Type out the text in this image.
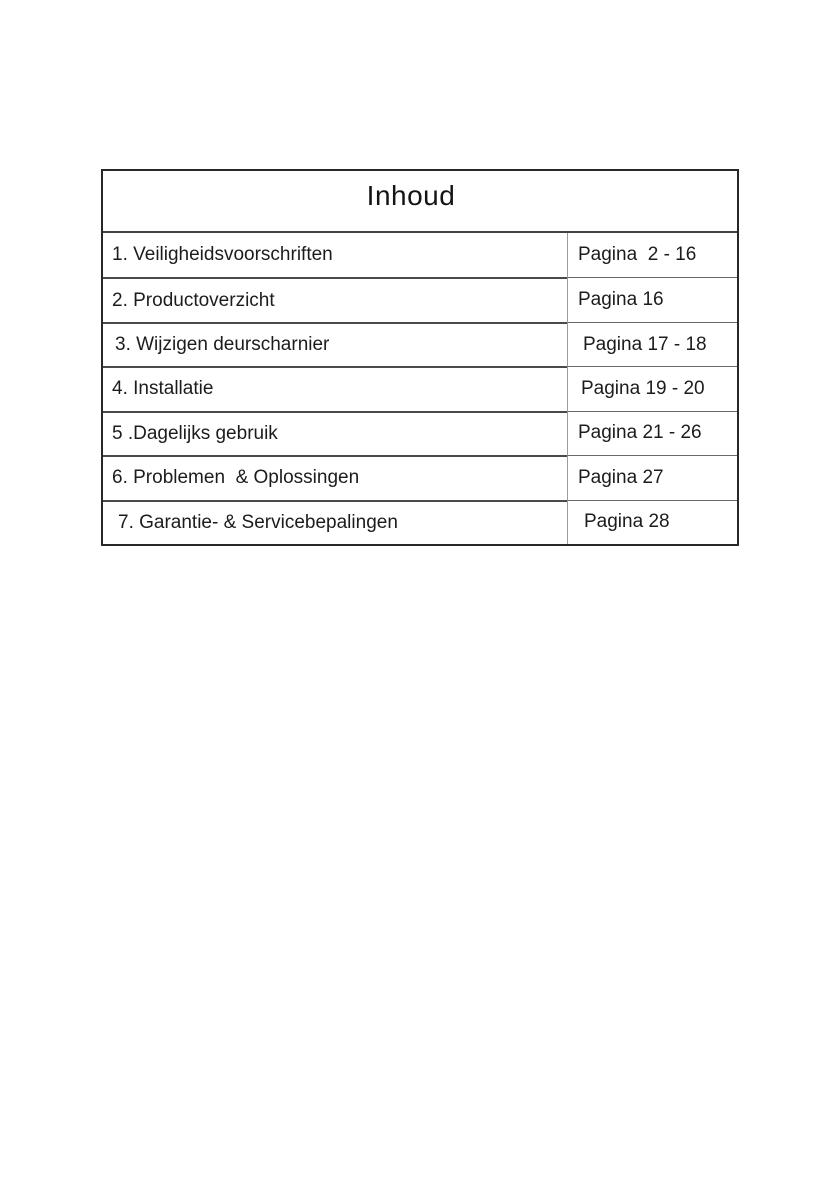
Inhoud
1. Veiligheidsvoorschriften	Pagina  2 - 16
2. Productoverzicht	Pagina 16
3. Wijzigen deurscharnier	Pagina 17 - 18
4. Installatie	Pagina 19 - 20
5 .Dagelijks gebruik	Pagina 21 - 26
6. Problemen  & Oplossingen	Pagina 27
7. Garantie- & Servicebepalingen	Pagina 28
